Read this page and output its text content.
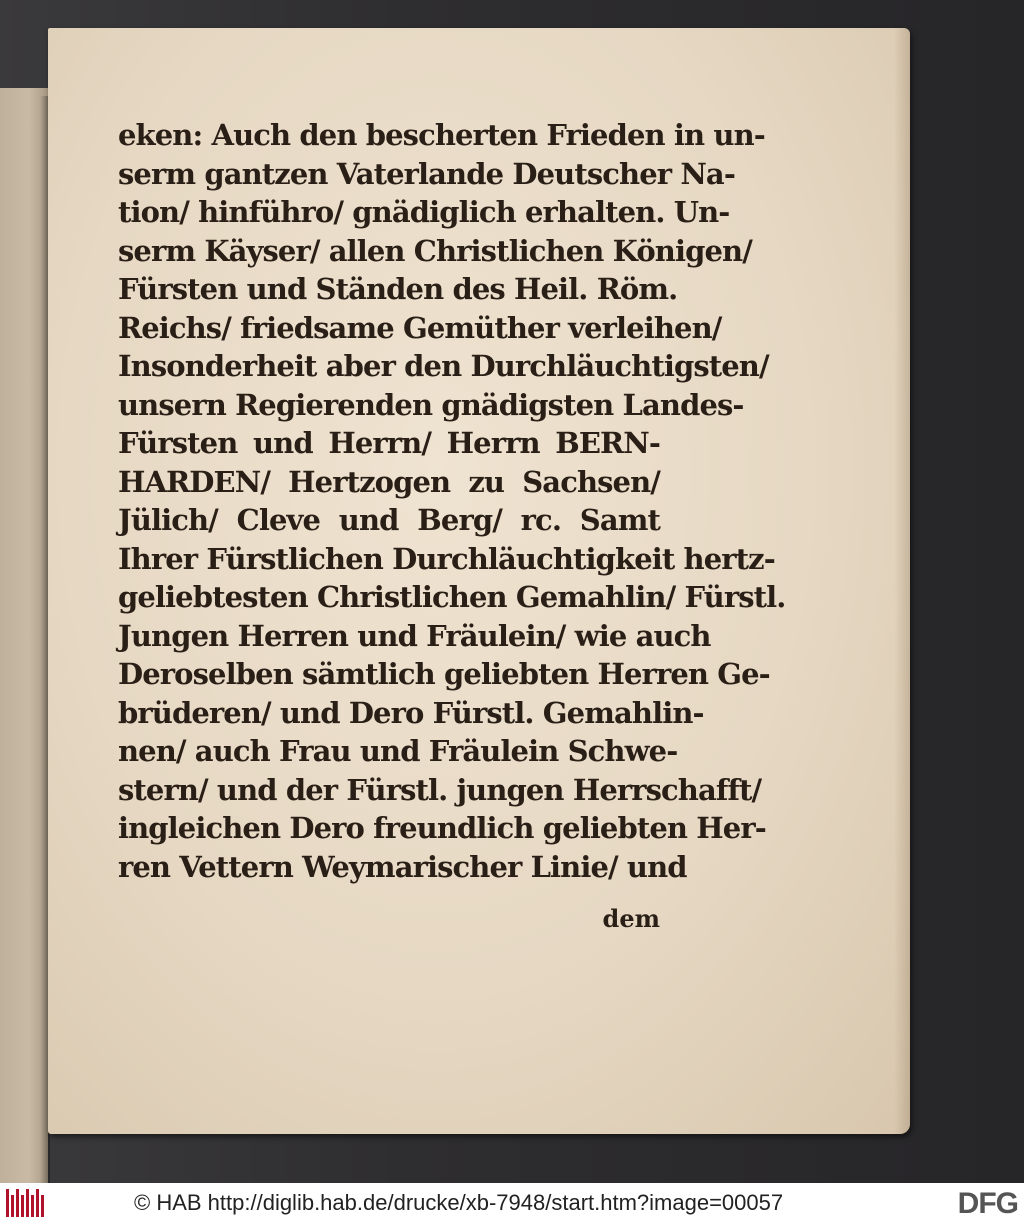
eken: Auch den bescherten Frieden in un-
serm gantzen Vaterlande Deutscher Na-
tion/ hinführo/ gnädiglich erhalten. Un-
serm Käyser/ allen Christlichen Königen/
Fürsten und Ständen des Heil. Röm.
Reichs/ friedsame Gemüther verleihen/
Insonderheit aber den Durchläuchtigsten/
unsern Regierenden gnädigsten Landes-
Fürsten und Herrn/ Herrn BERN-
HARDEN/ Hertzogen zu Sachsen/
Jülich/ Cleve und Berg/ rc. Samt
Ihrer Fürstlichen Durchläuchtigkeit hertz-
geliebtesten Christlichen Gemahlin/ Fürstl.
Jungen Herren und Fräulein/ wie auch
Deroselben sämtlich geliebten Herren Ge-
brüderen/ und Dero Fürstl. Gemahlin-
nen/ auch Frau und Fräulein Schwe-
stern/ und der Fürstl. jungen Herrschafft/
ingleichen Dero freundlich geliebten Her-
ren Vettern Weymarischer Linie/ und
dem
© HAB http://diglib.hab.de/drucke/xb-7948/start.htm?image=00057	DFG
